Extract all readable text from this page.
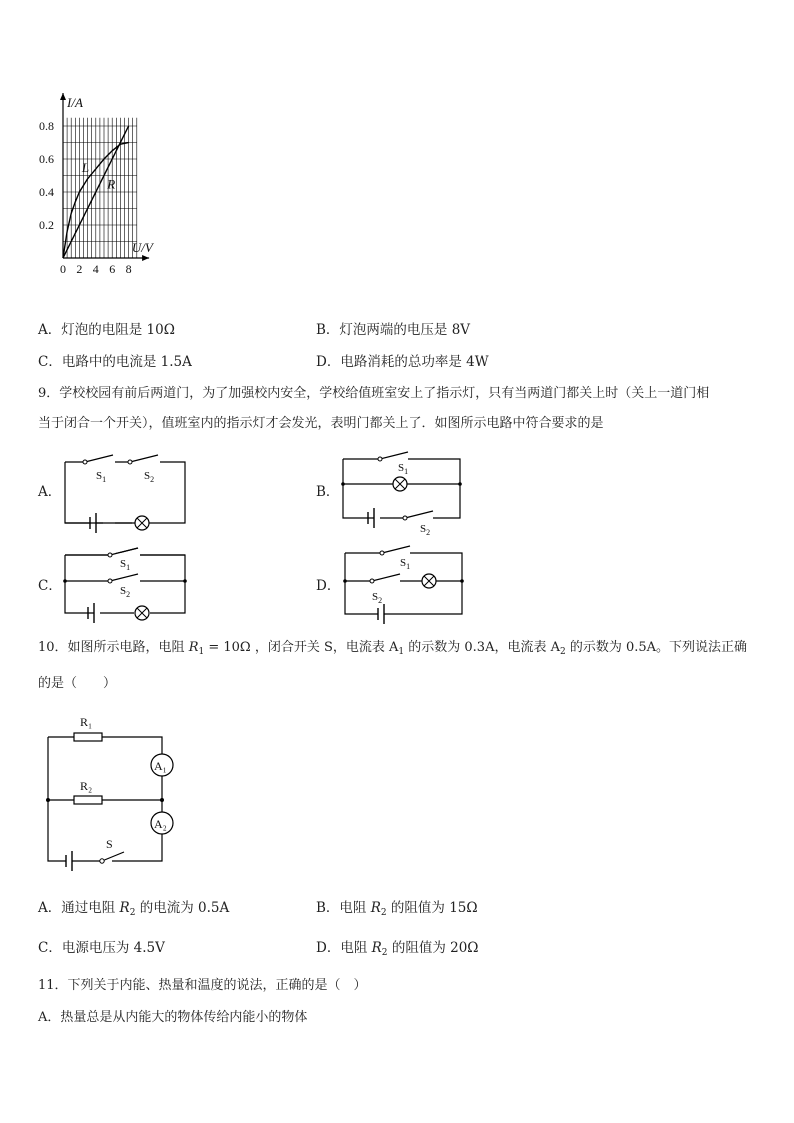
0 2 4 6 8
0.2
0.4
0.6
0.8
L
R
I/A
U/V
A．灯泡的电阻是 10Ω	B．灯泡两端的电压是 8V
C．电路中的电流是 1.5A	D．电路消耗的总功率是 4W
9．学校校园有前后两道门，为了加强校内安全，学校给值班室安上了指示灯，只有当两道门都关上时（关上一道门相
当于闭合一个开关），值班室内的指示灯才会发光，表明门都关上了．如图所示电路中符合要求的是
A．
$S_1$	$S_2$
B．
$S_1$
$S_2$
C．
$S_1$
$S_2$
D．
$S_1$
$S_2$
10．如图所示电路，电阻 $R_1 = 10\Omega$ ，闭合开关 S，电流表 $A_1$ 的示数为 0.3A，电流表 $A_2$ 的示数为 0.5A。下列说法正确
的是（　　）
R₁
R₂
A₁
A₂
S
A．通过电阻 $R_2$ 的电流为 0.5A	B．电阻 $R_2$ 的阻值为 15Ω
C．电源电压为 4.5V	D．电阻 $R_2$ 的阻值为 20Ω
11．下列关于内能、热量和温度的说法，正确的是（　）
A．热量总是从内能大的物体传给内能小的物体
